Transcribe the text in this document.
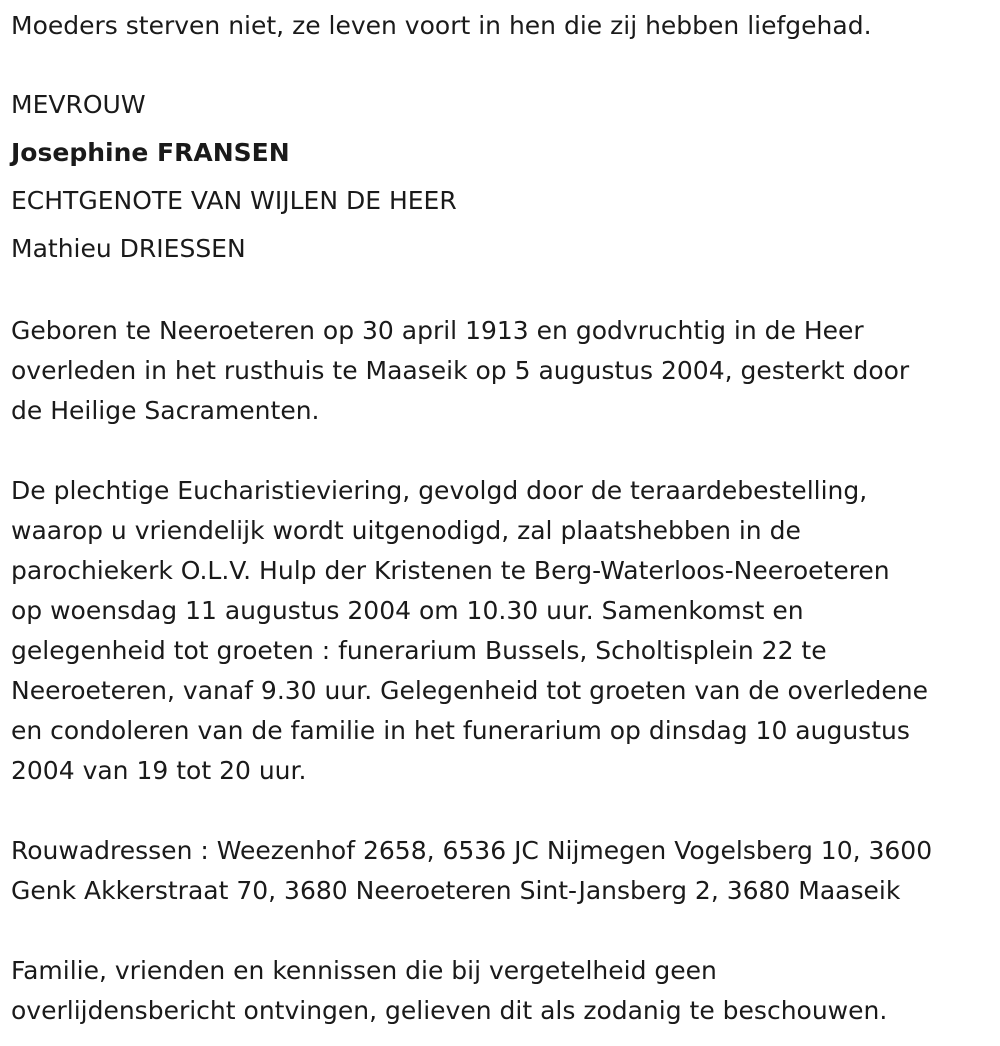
Moeders sterven niet, ze leven voort in hen die zij hebben liefgehad.
MEVROUW
Josephine FRANSEN
ECHTGENOTE VAN WIJLEN DE HEER
Mathieu DRIESSEN
Geboren te Neeroeteren op 30 april 1913 en godvruchtig in de Heer
overleden in het rusthuis te Maaseik op 5 augustus 2004, gesterkt door
de Heilige Sacramenten.
De plechtige Eucharistieviering, gevolgd door de teraardebestelling,
waarop u vriendelijk wordt uitgenodigd, zal plaatshebben in de
parochiekerk O.L.V. Hulp der Kristenen te Berg-Waterloos-Neeroeteren
op woensdag 11 augustus 2004 om 10.30 uur. Samenkomst en
gelegenheid tot groeten : funerarium Bussels, Scholtisplein 22 te
Neeroeteren, vanaf 9.30 uur. Gelegenheid tot groeten van de overledene
en condoleren van de familie in het funerarium op dinsdag 10 augustus
2004 van 19 tot 20 uur.
Rouwadressen : Weezenhof 2658, 6536 JC Nijmegen Vogelsberg 10, 3600
Genk Akkerstraat 70, 3680 Neeroeteren Sint-Jansberg 2, 3680 Maaseik
Familie, vrienden en kennissen die bij vergetelheid geen
overlijdensbericht ontvingen, gelieven dit als zodanig te beschouwen.
